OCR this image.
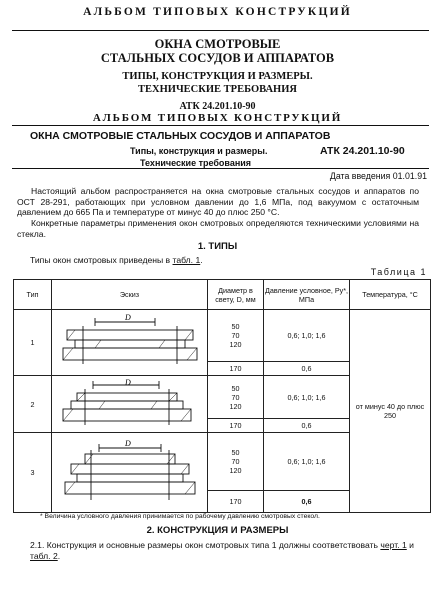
АЛЬБОМ ТИПОВЫХ КОНСТРУКЦИЙ
ОКНА СМОТРОВЫЕ
СТАЛЬНЫХ СОСУДОВ И АППАРАТОВ
ТИПЫ, КОНСТРУКЦИЯ И РАЗМЕРЫ.
ТЕХНИЧЕСКИЕ ТРЕБОВАНИЯ
АТК 24.201.10-90
АЛЬБОМ ТИПОВЫХ КОНСТРУКЦИЙ
ОКНА СМОТРОВЫЕ СТАЛЬНЫХ СОСУДОВ И АППАРАТОВ
Типы, конструкция и размеры.	АТК 24.201.10-90
Технические требования
Дата введения 01.01.91
Настоящий альбом распространяется на окна смотровые стальных сосудов и аппаратов по ОСТ 28-291, работающих при условном давлении до 1,6 МПа, под вакуумом с остаточным давлением до 665 Па и температуре от минус 40 до плюс 250 °С.
Конкретные параметры применения окон смотровых определяются техническими условиями на стекла.
1. ТИПЫ
Типы окон смотровых приведены в табл. 1.
Таблица 1
Тип	Эскиз	Диаметр в свету, D, мм	Давление условное, Py*, МПа	Температура, °С
1	D	50
70
120	0,6; 1,0; 1,6	от минус 40 до плюс 250
		170	0,6	
2	D	50
70
120	0,6; 1,0; 1,6	
		170	0,6	
3	D	50
70
120	0,6; 1,0; 1,6	
		170	0,6	
* Величина условного давления принимается по рабочему давлению смотровых стекол.
2. КОНСТРУКЦИЯ И РАЗМЕРЫ
2.1. Конструкция и основные размеры окон смотровых типа 1 должны соответствовать черт. 1 и табл. 2.
